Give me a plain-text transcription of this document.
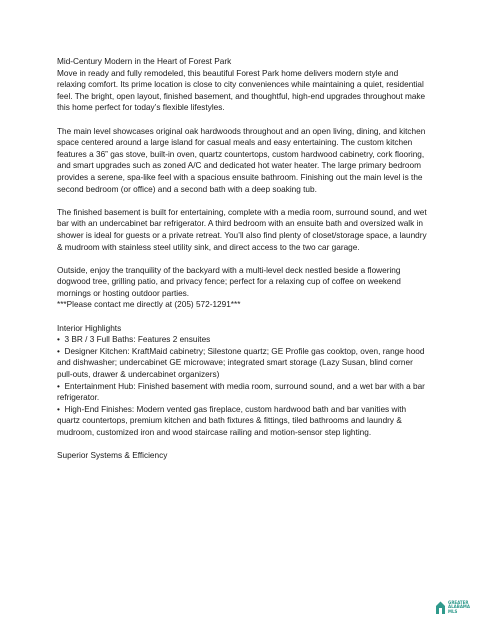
Mid-Century Modern in the Heart of Forest Park

Move in ready and fully remodeled, this beautiful Forest Park home delivers modern style and relaxing comfort. Its prime location is close to city conveniences while maintaining a quiet, residential feel. The bright, open layout, finished basement, and thoughtful, high-end upgrades throughout make this home perfect for today’s flexible lifestyles.

The main level showcases original oak hardwoods throughout and an open living, dining, and kitchen space centered around a large island for casual meals and easy entertaining. The custom kitchen features a 36” gas stove, built-in oven, quartz countertops, custom hardwood cabinetry, cork flooring, and smart upgrades such as zoned A/C and dedicated hot water heater. The large primary bedroom provides a serene, spa-like feel with a spacious ensuite bathroom. Finishing out the main level is the second bedroom (or office) and a second bath with a deep soaking tub.

The finished basement is built for entertaining, complete with a media room, surround sound, and wet bar with an undercabinet bar refrigerator. A third bedroom with an ensuite bath and oversized walk in shower is ideal for guests or a private retreat. You’ll also find plenty of closet/storage space, a laundry & mudroom with stainless steel utility sink, and direct access to the two car garage.

Outside, enjoy the tranquility of the backyard with a multi-level deck nestled beside a flowering dogwood tree, grilling patio, and privacy fence; perfect for a relaxing cup of coffee on weekend mornings or hosting outdoor parties.

***Please contact me directly at (205) 572-1291***

Interior Highlights

•  3 BR / 3 Full Baths: Features 2 ensuites

•  Designer Kitchen: KraftMaid cabinetry; Silestone quartz; GE Profile gas cooktop, oven, range hood and dishwasher; undercabinet GE microwave; integrated smart storage (Lazy Susan, blind corner pull-outs, drawer & undercabinet organizers)

•  Entertainment Hub: Finished basement with media room, surround sound, and a wet bar with a bar refrigerator.

•  High-End Finishes: Modern vented gas fireplace, custom hardwood bath and bar vanities with quartz countertops, premium kitchen and bath fixtures & fittings, tiled bathrooms and laundry & mudroom, customized iron and wood staircase railing and motion-sensor step lighting.

Superior Systems & Efficiency

GREATER
ALABAMA
MLS
